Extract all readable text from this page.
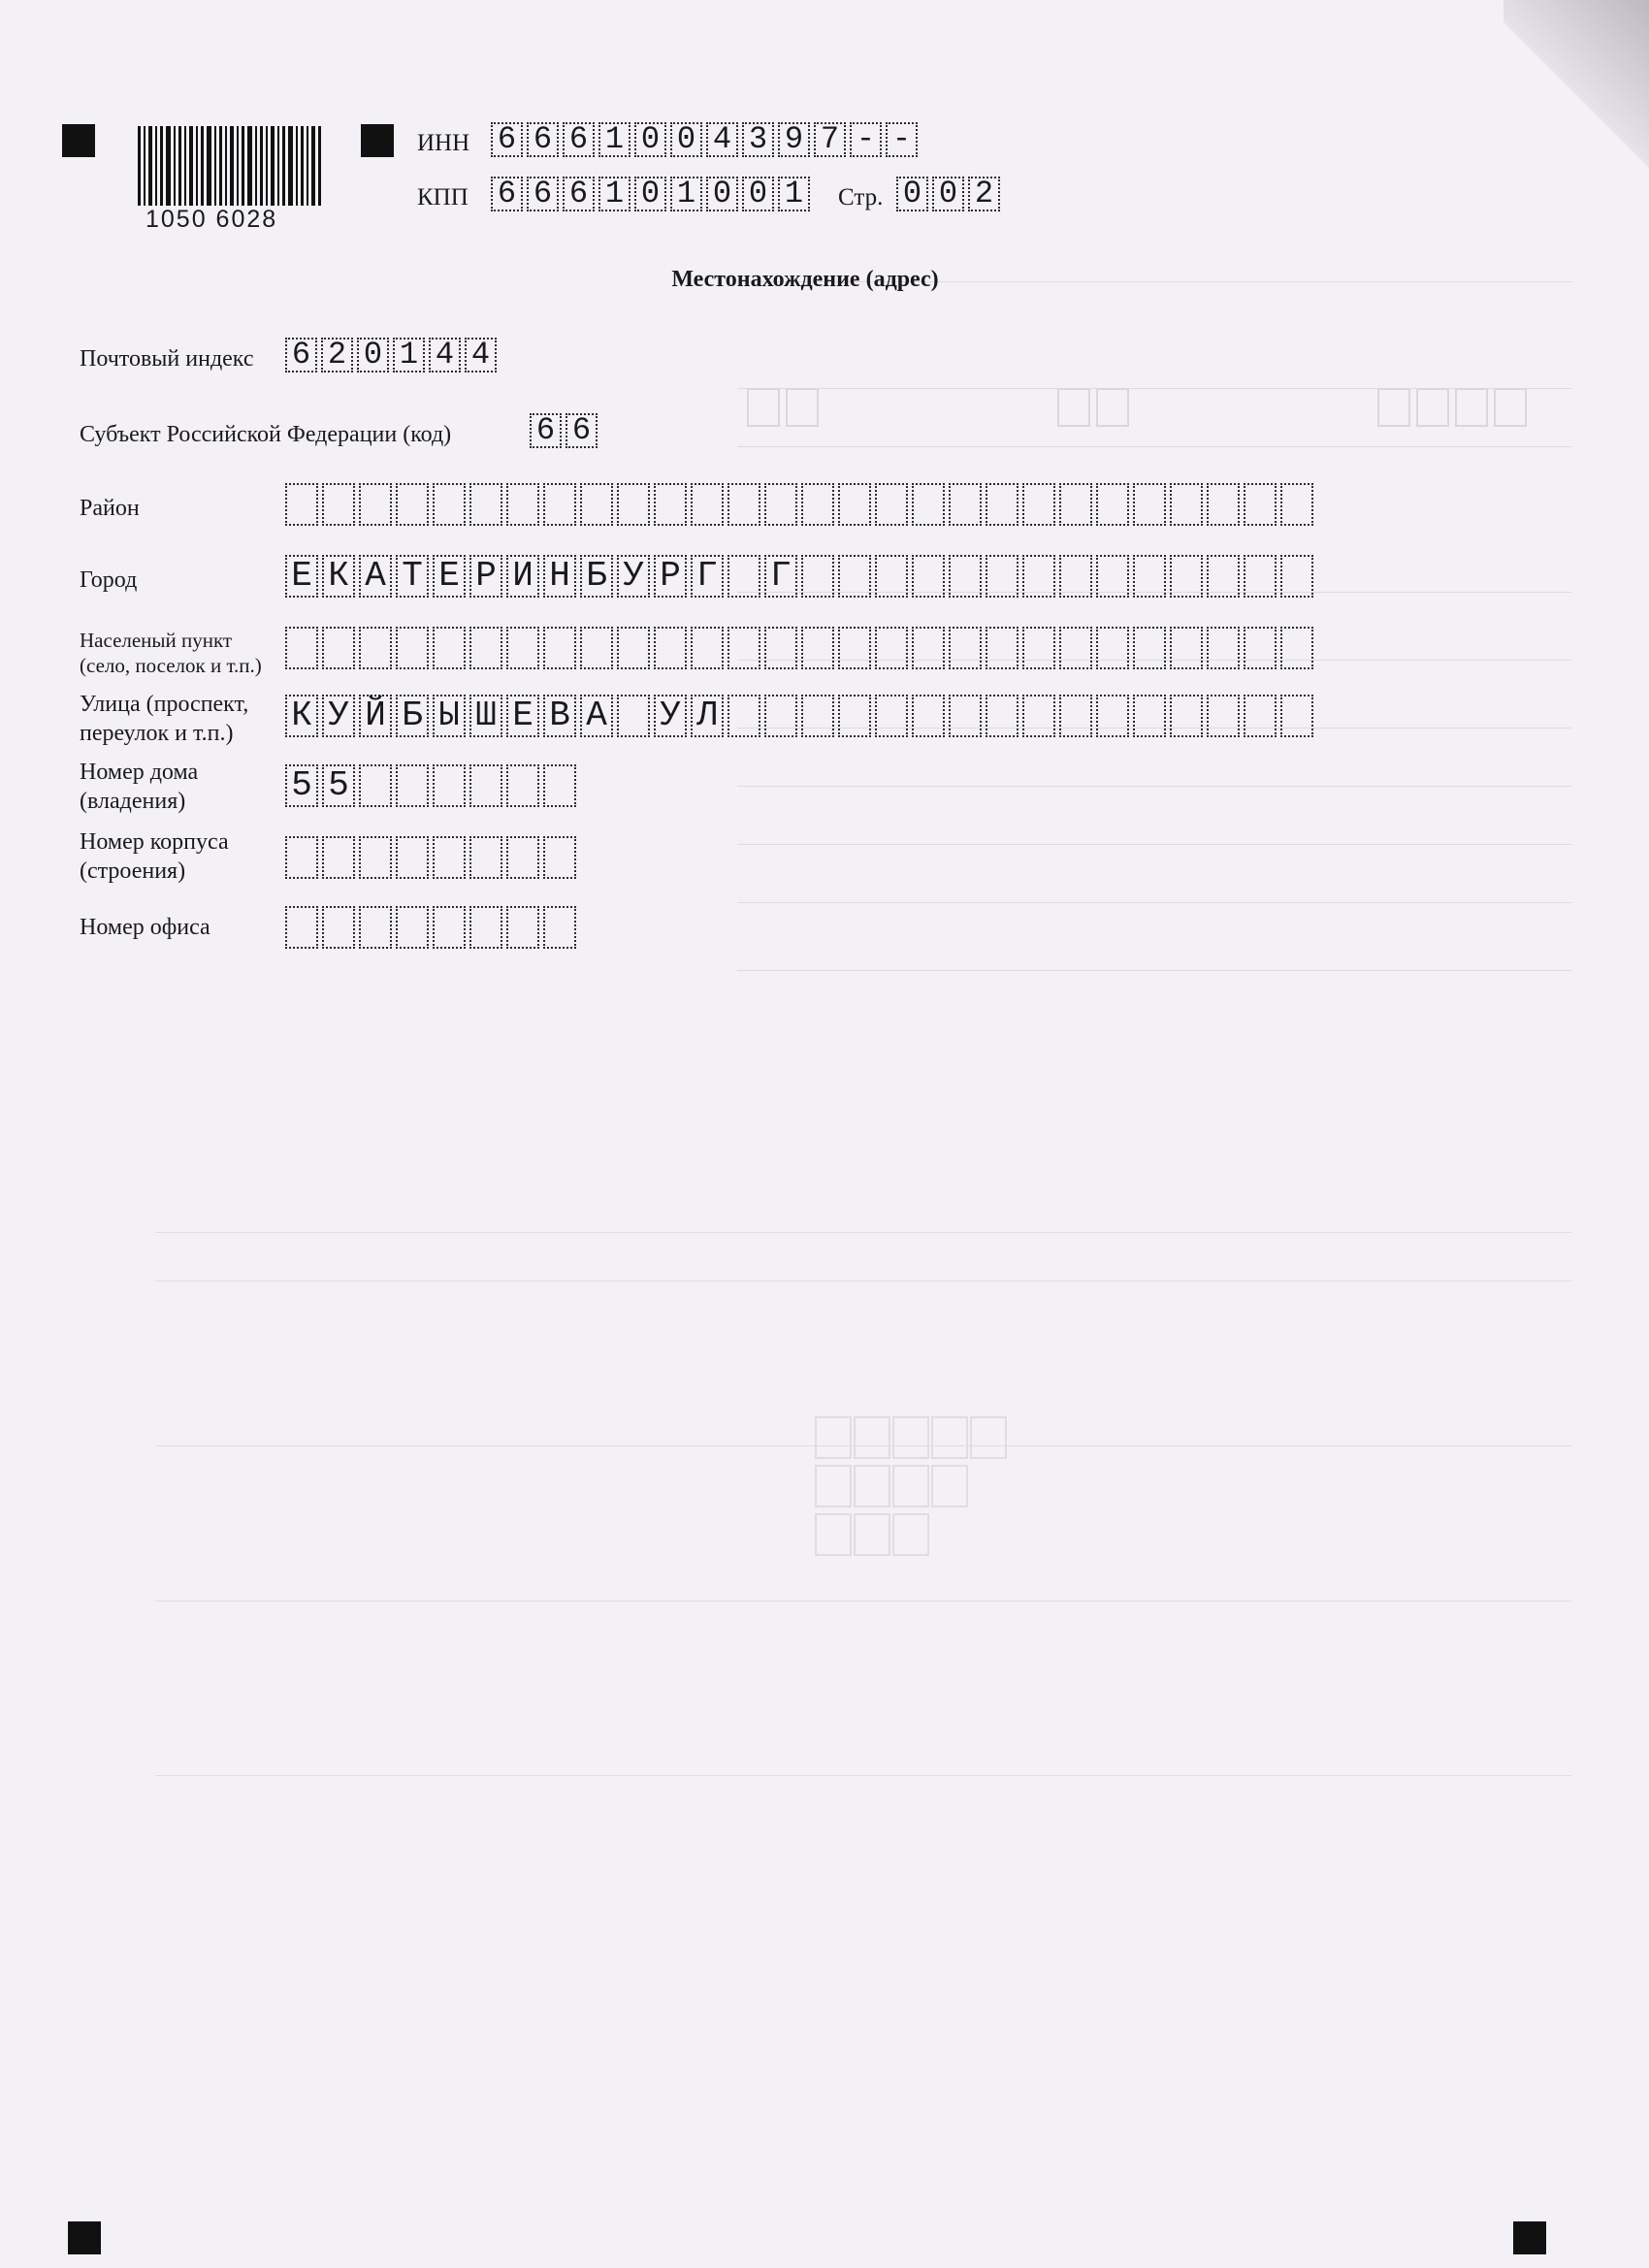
1050 6028
ИНН 6 6 6 1 0 0 4 3 9 7 - -
КПП 6 6 6 1 0 1 0 0 1 Стр. 0 0 2
Местонахождение (адрес)
Почтовый индекс 6 2 0 1 4 4
Субъект Российской Федерации (код)	6 6
Район
Город	Е К А Т Е Р И Н Б У Р Г Г
Населеный пункт
(село, поселок и т.п.)
Улица (проспект,
переулок и т.п.) К У Й Б Ы Ш Е В А У Л
Номер дома
(владения)	5 5
Номер корпуса
(строения)
Номер офиса
